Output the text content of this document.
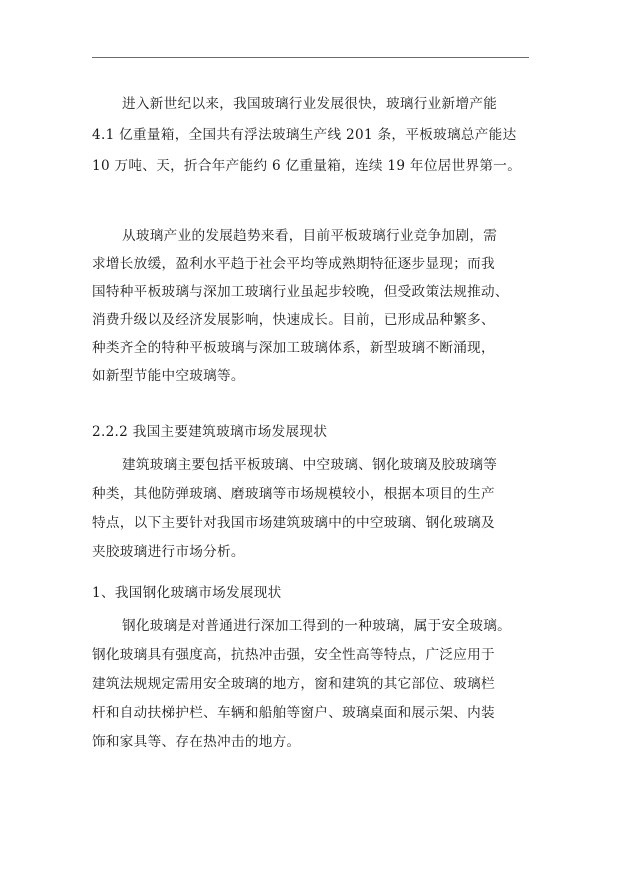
进入新世纪以来，我国玻璃行业发展很快，玻璃行业新增产能
4.1 亿重量箱，全国共有浮法玻璃生产线 201 条，平板玻璃总产能达
10 万吨、天，折合年产能约 6 亿重量箱，连续 19 年位居世界第一。
从玻璃产业的发展趋势来看，目前平板玻璃行业竞争加剧，需
求增长放缓，盈利水平趋于社会平均等成熟期特征逐步显现；而我
国特种平板玻璃与深加工玻璃行业虽起步较晚，但受政策法规推动、
消费升级以及经济发展影响，快速成长。目前，已形成品种繁多、
种类齐全的特种平板玻璃与深加工玻璃体系，新型玻璃不断涌现，
如新型节能中空玻璃等。
2.2.2 我国主要建筑玻璃市场发展现状
建筑玻璃主要包括平板玻璃、中空玻璃、钢化玻璃及胶玻璃等
种类，其他防弹玻璃、磨玻璃等市场规模较小，根据本项目的生产
特点，以下主要针对我国市场建筑玻璃中的中空玻璃、钢化玻璃及
夹胶玻璃进行市场分析。
1、我国钢化玻璃市场发展现状
钢化玻璃是对普通进行深加工得到的一种玻璃，属于安全玻璃。
钢化玻璃具有强度高，抗热冲击强，安全性高等特点，广泛应用于
建筑法规规定需用安全玻璃的地方，窗和建筑的其它部位、玻璃栏
杆和自动扶梯护栏、车辆和船舶等窗户、玻璃桌面和展示架、内装
饰和家具等、存在热冲击的地方。
